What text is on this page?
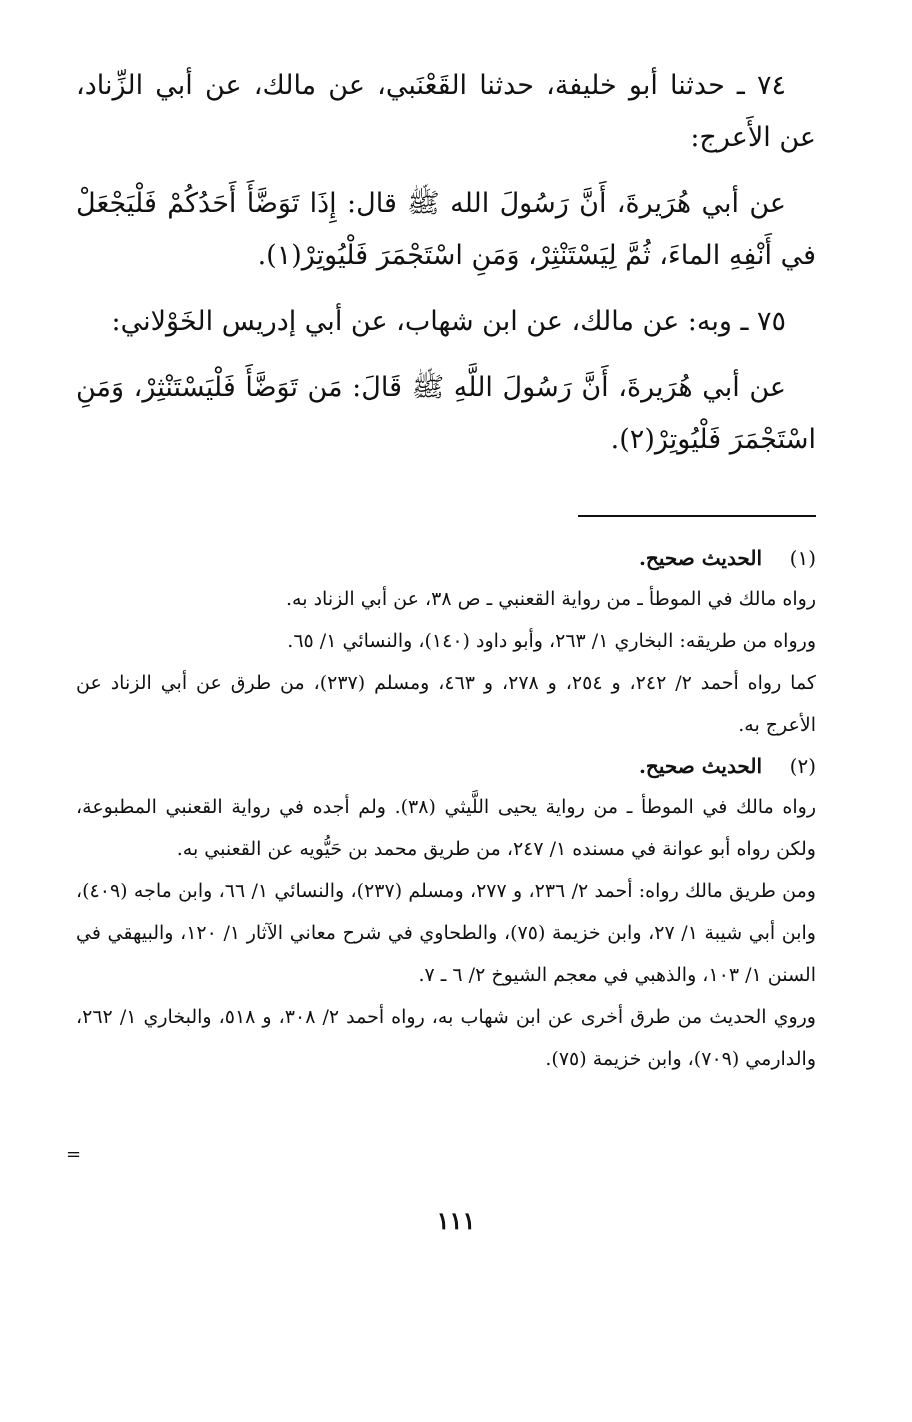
٧٤ ـ حدثنا أبو خليفة، حدثنا القَعْنَبي، عن مالك، عن أبي الزِّناد، عن الأَعرج:

عن أبي هُرَيرةَ، أَنَّ رَسُولَ الله ﷺ قال: إِذَا تَوَضَّأَ أَحَدُكُمْ فَلْيَجْعَلْ في أَنْفِهِ الماءَ، ثُمَّ لِيَسْتَنْثِرْ، وَمَنِ اسْتَجْمَرَ فَلْيُوتِرْ(١).

٧٥ ـ وبه: عن مالك، عن ابن شهاب، عن أبي إدريس الخَوْلاني:

عن أبي هُرَيرةَ، أَنَّ رَسُولَ اللَّهِ ﷺ قَالَ: مَن تَوَضَّأَ فَلْيَسْتَنْثِرْ، وَمَنِ اسْتَجْمَرَ فَلْيُوتِرْ(٢).

(١)الحديث صحيح.
رواه مالك في الموطأ ـ من رواية القعنبي ـ ص ٣٨، عن أبي الزناد به.
ورواه من طريقه: البخاري ١/ ٢٦٣، وأبو داود (١٤٠)، والنسائي ١/ ٦٥.
كما رواه أحمد ٢/ ٢٤٢، و ٢٥٤، و ٢٧٨، و ٤٦٣، ومسلم (٢٣٧)، من طرق عن أبي الزناد عن الأعرج به.
(٢)الحديث صحيح.
رواه مالك في الموطأ ـ من رواية يحيى اللَّيثي (٣٨). ولم أجده في رواية القعنبي المطبوعة، ولكن رواه أبو عوانة في مسنده ١/ ٢٤٧، من طريق محمد بن حَيُّويه عن القعنبي به.
ومن طريق مالك رواه: أحمد ٢/ ٢٣٦، و ٢٧٧، ومسلم (٢٣٧)، والنسائي ١/ ٦٦، وابن ماجه (٤٠٩)، وابن أبي شيبة ١/ ٢٧، وابن خزيمة (٧٥)، والطحاوي في شرح معاني الآثار ١/ ١٢٠، والبيهقي في السنن ١/ ١٠٣، والذهبي في معجم الشيوخ ٢/ ٦ ـ ٧.
وروي الحديث من طرق أخرى عن ابن شهاب به، رواه أحمد ٢/ ٣٠٨، و ٥١٨، والبخاري ١/ ٢٦٢، والدارمي (٧٠٩)، وابن خزيمة (٧٥).
=
١١١
